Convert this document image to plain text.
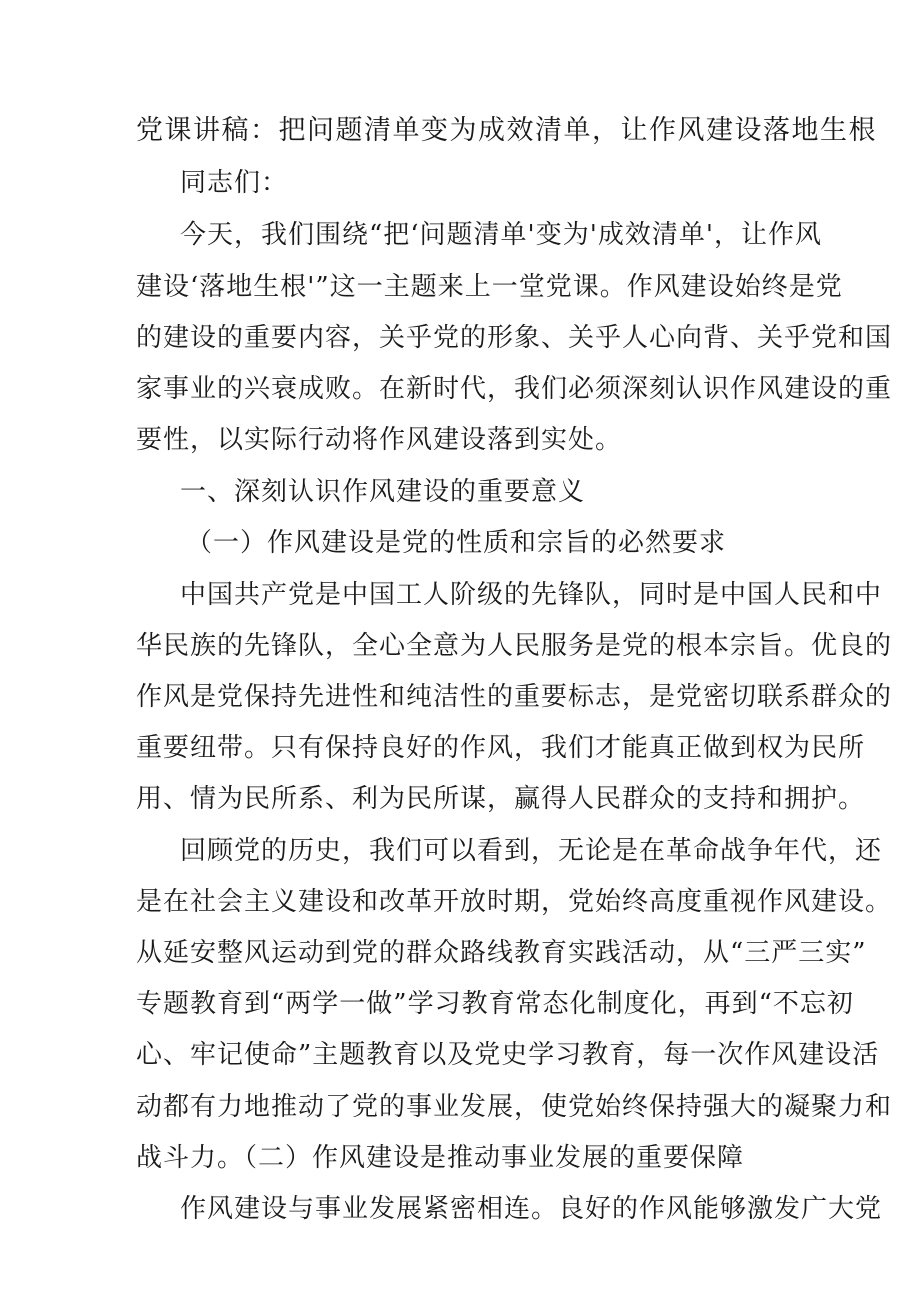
党课讲稿：把问题清单变为成效清单，让作风建设落地生根
同志们：
今天，我们围绕“把‘问题清单'变为'成效清单'，让作风
建设‘落地生根'”这一主题来上一堂党课。作风建设始终是党
的建设的重要内容，关乎党的形象、关乎人心向背、关乎党和国
家事业的兴衰成败。在新时代，我们必须深刻认识作风建设的重
要性，以实际行动将作风建设落到实处。
一、深刻认识作风建设的重要意义
（一）作风建设是党的性质和宗旨的必然要求
中国共产党是中国工人阶级的先锋队，同时是中国人民和中
华民族的先锋队，全心全意为人民服务是党的根本宗旨。优良的
作风是党保持先进性和纯洁性的重要标志，是党密切联系群众的
重要纽带。只有保持良好的作风，我们才能真正做到权为民所
用、情为民所系、利为民所谋，赢得人民群众的支持和拥护。
回顾党的历史，我们可以看到，无论是在革命战争年代，还
是在社会主义建设和改革开放时期，党始终高度重视作风建设。
从延安整风运动到党的群众路线教育实践活动，从“三严三实”
专题教育到“两学一做”学习教育常态化制度化，再到“不忘初
心、牢记使命”主题教育以及党史学习教育，每一次作风建设活
动都有力地推动了党的事业发展，使党始终保持强大的凝聚力和
战斗力。（二）作风建设是推动事业发展的重要保障
作风建设与事业发展紧密相连。良好的作风能够激发广大党
